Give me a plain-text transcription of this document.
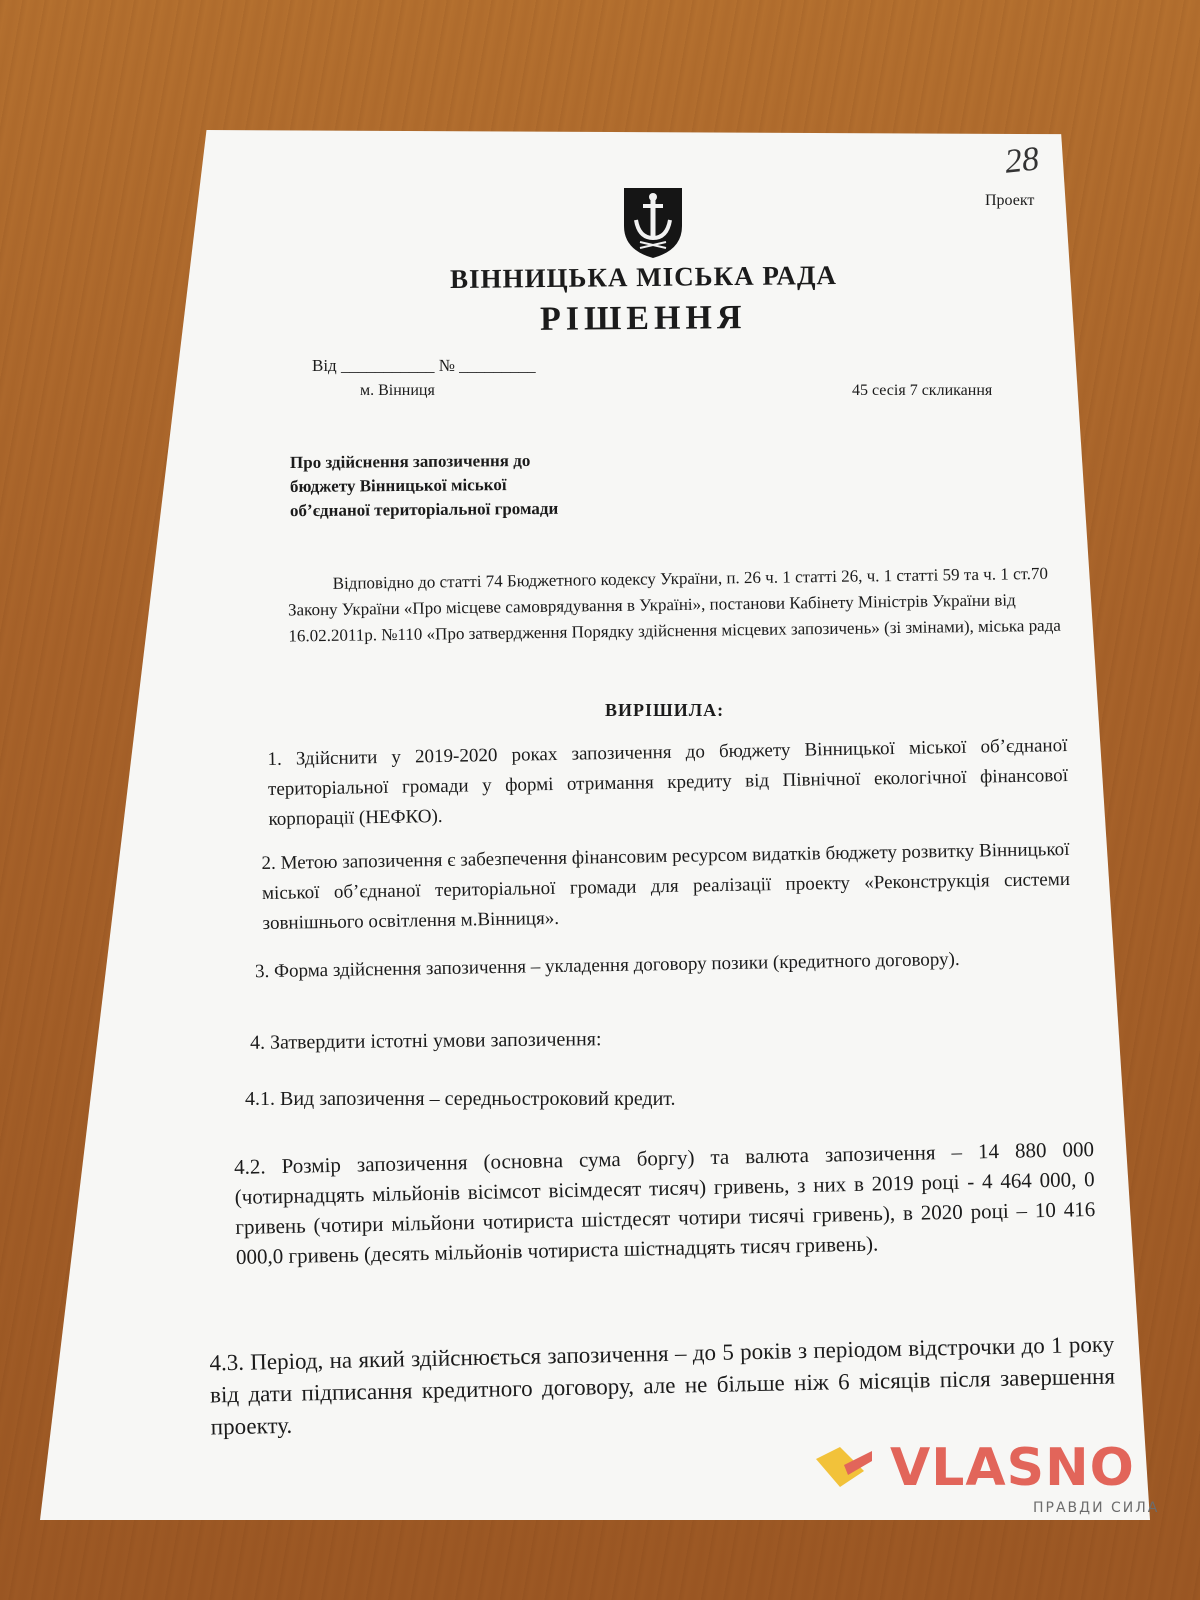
28
Проект
ВІННИЦЬКА МІСЬКА РАДА
РІШЕННЯ
Від ___________ № _________
м. Вінниця	45 сесія 7 скликання
Про здійснення запозичення до
бюджету Вінницької міської
об’єднаної територіальної громади
Відповідно до статті 74 Бюджетного кодексу України, п. 26 ч. 1 статті 26, ч. 1 статті 59 та ч. 1 ст.70 Закону України «Про місцеве самоврядування в Україні», постанови Кабінету Міністрів України від 16.02.2011р. №110 «Про затвердження Порядку здійснення місцевих запозичень» (зі змінами), міська рада
ВИРІШИЛА:
1. Здійснити у 2019-2020 роках запозичення до бюджету Вінницької міської об’єднаної територіальної громади у формі отримання кредиту від Північної екологічної фінансової корпорації (НЕФКО).
2. Метою запозичення є забезпечення фінансовим ресурсом видатків бюджету розвитку Вінницької міської об’єднаної територіальної громади для реалізації проекту «Реконструкція системи зовнішнього освітлення м.Вінниця».
3. Форма здійснення запозичення – укладення договору позики (кредитного договору).
4. Затвердити істотні умови запозичення:
4.1. Вид запозичення – середньостроковий кредит.
4.2. Розмір запозичення (основна сума боргу) та валюта запозичення – 14 880 000 (чотирнадцять мільйонів вісімсот вісімдесят тисяч) гривень, з них в 2019 році - 4 464 000, 0 гривень (чотири мільйони чотириста шістдесят чотири тисячі гривень), в 2020 році – 10 416 000,0 гривень (десять мільйонів чотириста шістнадцять тисяч гривень).
4.3. Період, на який здійснюється запозичення – до 5 років з періодом відстрочки до 1 року від дати підписання кредитного договору, але не більше ніж 6 місяців після завершення проекту.
VLASNO
ПРАВДИ СИЛА
